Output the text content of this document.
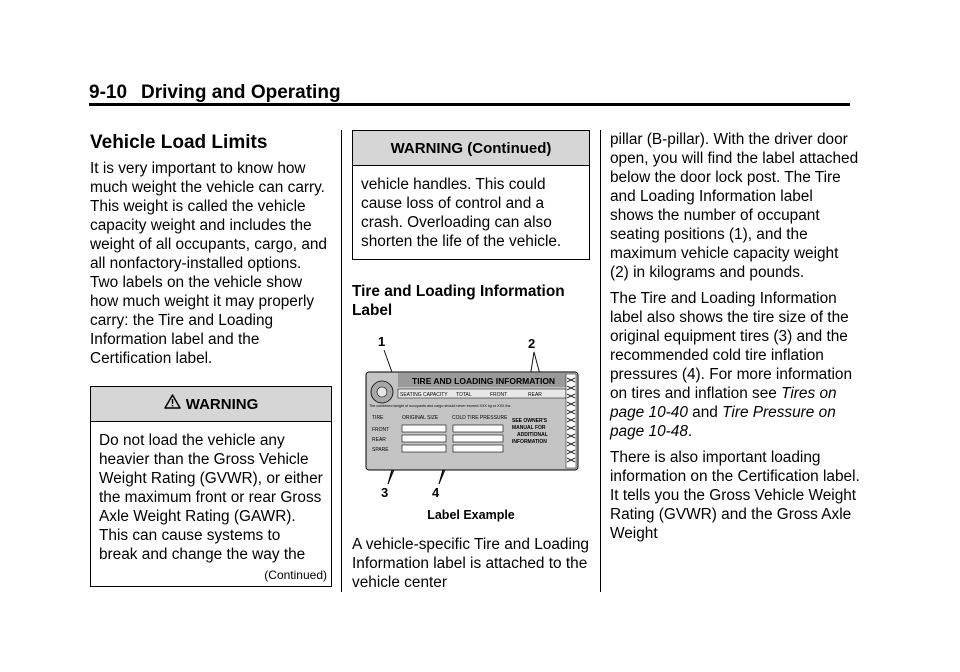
9-10 Driving and Operating

Vehicle Load Limits

It is very important to know how much weight the vehicle can carry. This weight is called the vehicle capacity weight and includes the weight of all occupants, cargo, and all nonfactory-installed options. Two labels on the vehicle show how much weight it may properly carry: the Tire and Loading Information label and the Certification label.

WARNING
Do not load the vehicle any heavier than the Gross Vehicle Weight Rating (GVWR), or either the maximum front or rear Gross Axle Weight Rating (GAWR). This can cause systems to break and change the way the
(Continued)
WARNING (Continued)
vehicle handles. This could cause loss of control and a crash. Overloading can also shorten the life of the vehicle.

Tire and Loading Information Label

1	2
3	4
TIRE AND LOADING INFORMATION
SEATING CAPACITY TOTAL	FRONT	REAR
The combined weight of occupants and cargo should never exceed XXX kg or XXX lbs.
TIRE	ORIGINAL SIZE	COLD TIRE PRESSURE
FRONT
REAR
SPARE
SEE OWNER'S
MANUAL FOR
ADDITIONAL
INFORMATION

Label Example

A vehicle-specific Tire and Loading Information label is attached to the vehicle center

pillar (B-pillar). With the driver door open, you will find the label attached below the door lock post. The Tire and Loading Information label shows the number of occupant seating positions (1), and the maximum vehicle capacity weight (2) in kilograms and pounds.

The Tire and Loading Information label also shows the tire size of the original equipment tires (3) and the recommended cold tire inflation pressures (4). For more information on tires and inflation see Tires on page 10-40 and Tire Pressure on page 10-48.

There is also important loading information on the Certification label. It tells you the Gross Vehicle Weight Rating (GVWR) and the Gross Axle Weight
